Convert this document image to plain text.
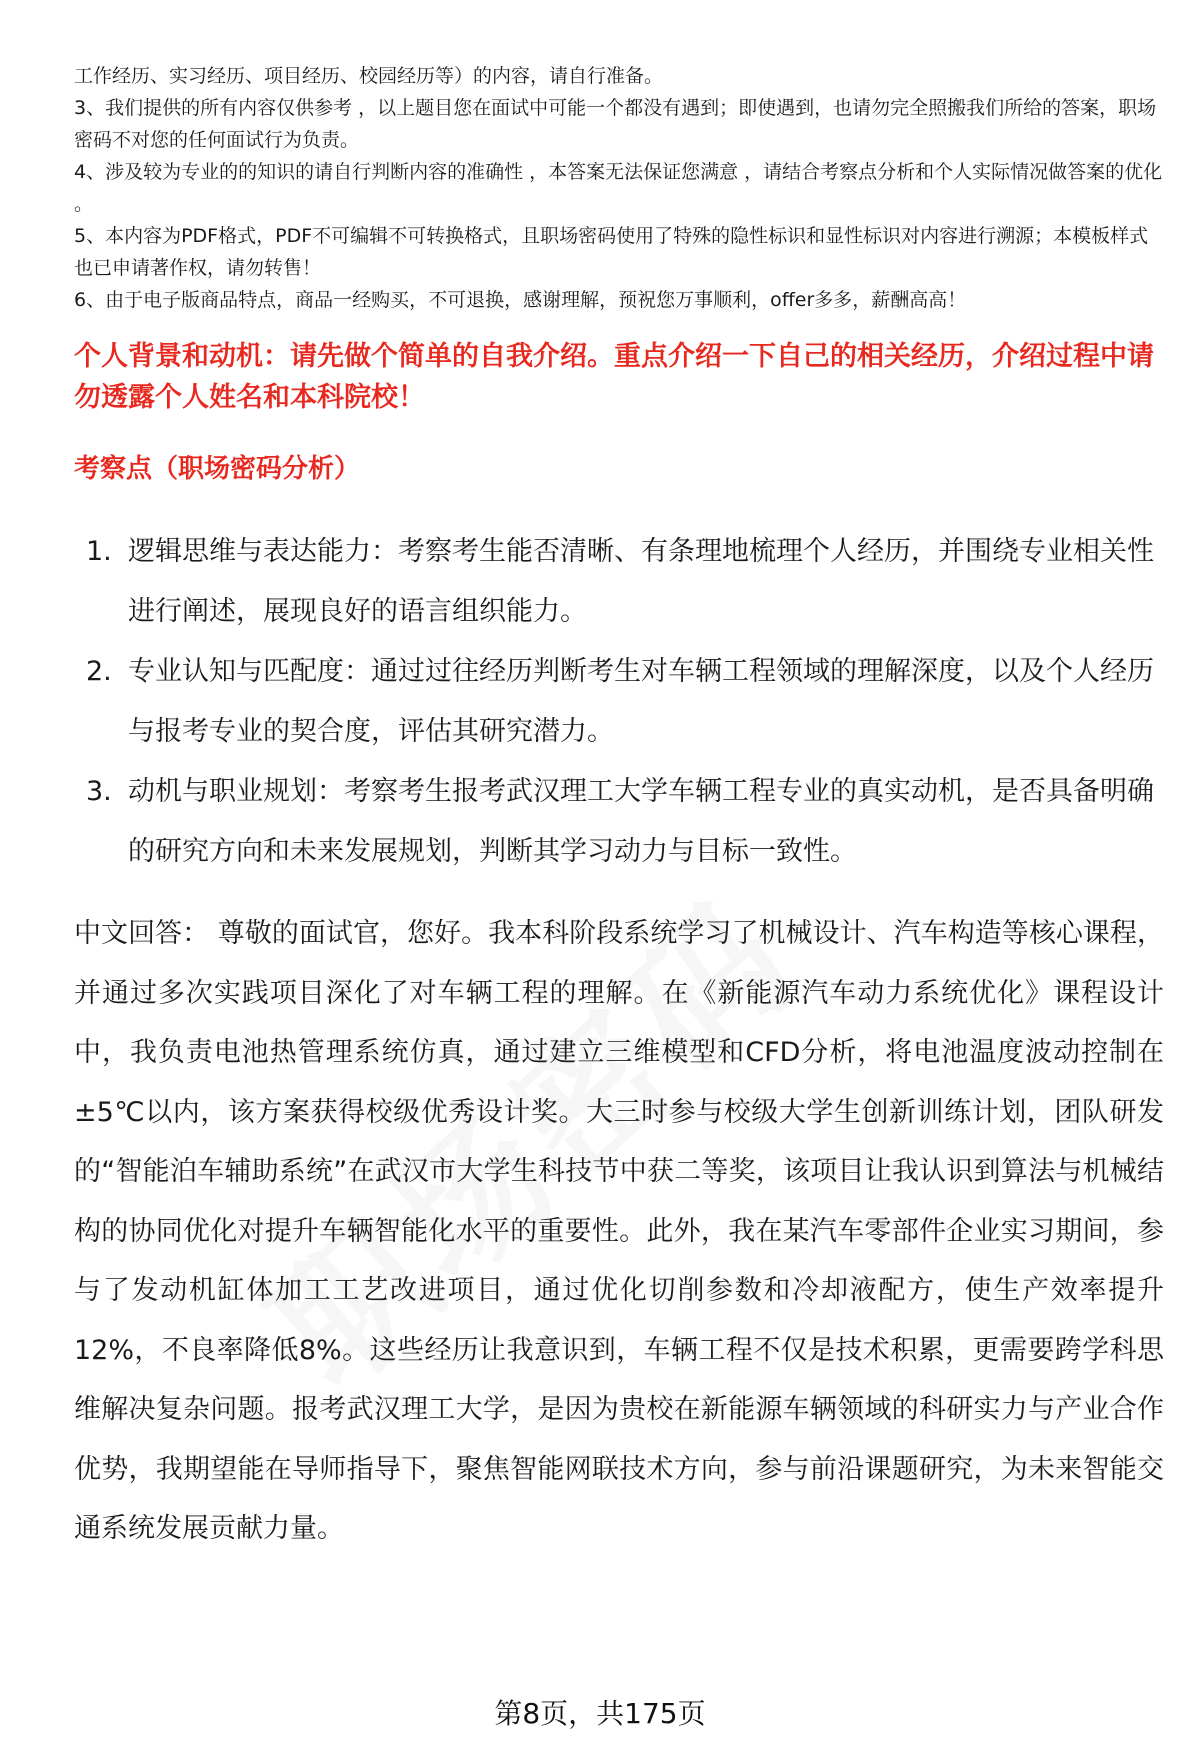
工作经历、实习经历、项目经历、校园经历等）的内容，请自行准备。

3、我们提供的所有内容仅供参考 ，以上题目您在面试中可能一个都没有遇到；即使遇到，也请勿完全照搬我们所给的答案，职场密码不对您的任何面试行为负责。

4、涉及较为专业的的知识的请自行判断内容的准确性 ，本答案无法保证您满意 ，请结合考察点分析和个人实际情况做答案的优化 。

5、本内容为PDF格式，PDF不可编辑不可转换格式，且职场密码使用了特殊的隐性标识和显性标识对内容进行溯源；本模板样式也已申请著作权，请勿转售！

6、由于电子版商品特点，商品一经购买，不可退换，感谢理解，预祝您万事顺利，offer多多，薪酬高高！

个人背景和动机：请先做个简单的自我介绍。重点介绍一下自己的相关经历，介绍过程中请勿透露个人姓名和本科院校！
考察点（职场密码分析）
1. 逻辑思维与表达能力：考察考生能否清晰、有条理地梳理个人经历，并围绕专业相关性进行阐述，展现良好的语言组织能力。
2. 专业认知与匹配度：通过过往经历判断考生对车辆工程领域的理解深度，以及个人经历与报考专业的契合度，评估其研究潜力。
3. 动机与职业规划：考察考生报考武汉理工大学车辆工程专业的真实动机，是否具备明确的研究方向和未来发展规划，判断其学习动力与目标一致性。

中文回答： 尊敬的面试官，您好。我本科阶段系统学习了机械设计、汽车构造等核心课程，并通过多次实践项目深化了对车辆工程的理解。在《新能源汽车动力系统优化》课程设计中，我负责电池热管理系统仿真，通过建立三维模型和CFD分析，将电池温度波动控制在±5℃以内，该方案获得校级优秀设计奖。大三时参与校级大学生创新训练计划，团队研发的“智能泊车辅助系统”在武汉市大学生科技节中获二等奖，该项目让我认识到算法与机械结构的协同优化对提升车辆智能化水平的重要性。此外，我在某汽车零部件企业实习期间，参与了发动机缸体加工工艺改进项目，通过优化切削参数和冷却液配方，使生产效率提升12%，不良率降低8%。这些经历让我意识到，车辆工程不仅是技术积累，更需要跨学科思维解决复杂问题。报考武汉理工大学，是因为贵校在新能源车辆领域的科研实力与产业合作优势，我期望能在导师指导下，聚焦智能网联技术方向，参与前沿课题研究，为未来智能交通系统发展贡献力量。

第8页，共175页
